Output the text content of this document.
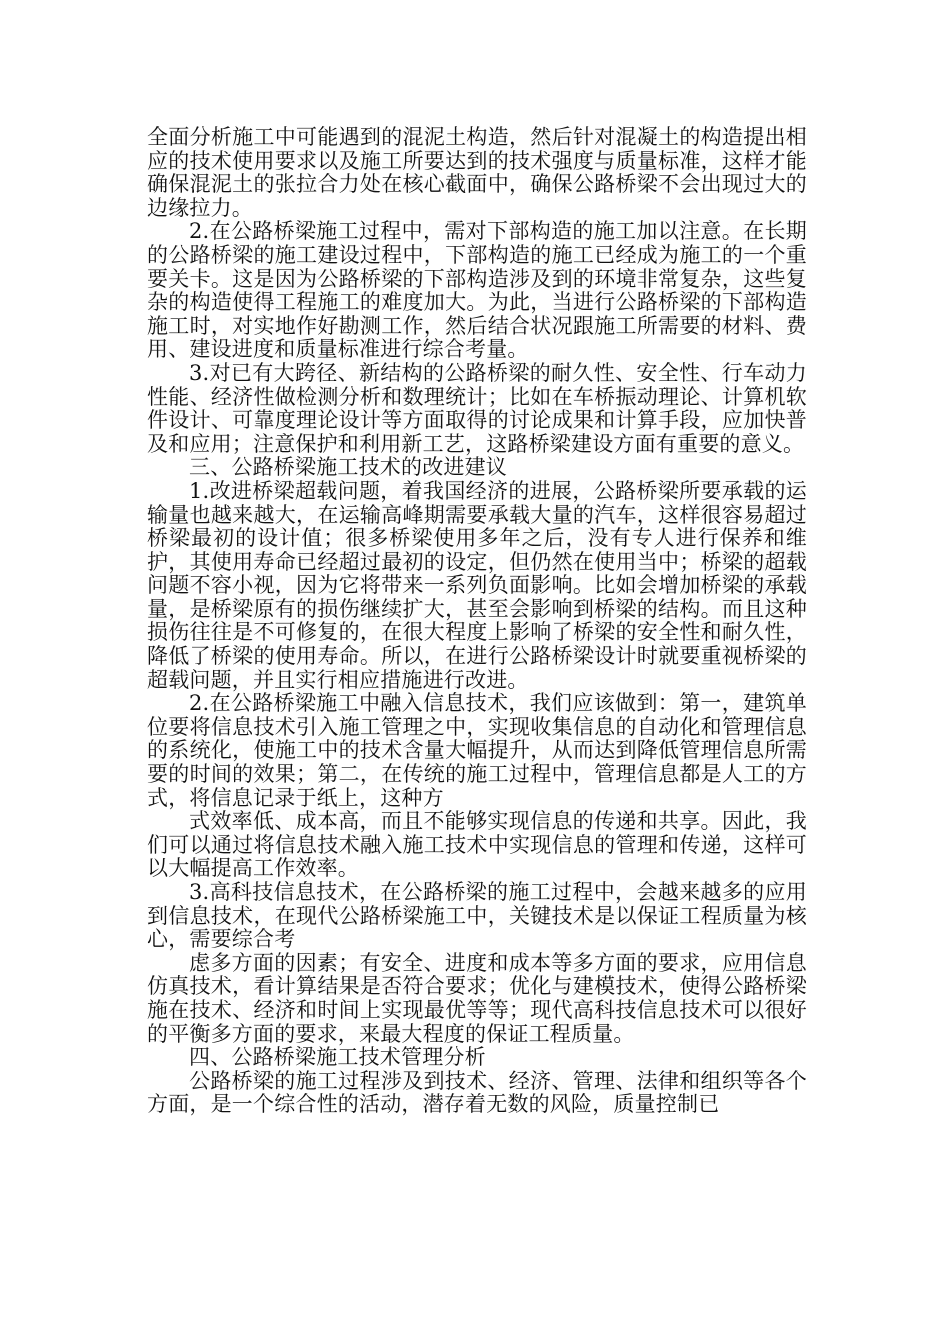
全面分析施工中可能遇到的混泥土构造，然后针对混凝土的构造提出相应的技术使用要求以及施工所要达到的技术强度与质量标准，这样才能确保混泥土的张拉合力处在核心截面中，确保公路桥梁不会出现过大的边缘拉力。

2.在公路桥梁施工过程中，需对下部构造的施工加以注意。在长期的公路桥梁的施工建设过程中，下部构造的施工已经成为施工的一个重要关卡。这是因为公路桥梁的下部构造涉及到的环境非常复杂，这些复杂的构造使得工程施工的难度加大。为此，当进行公路桥梁的下部构造施工时，对实地作好勘测工作，然后结合状况跟施工所需要的材料、费用、建设进度和质量标准进行综合考量。

3.对已有大跨径、新结构的公路桥梁的耐久性、安全性、行车动力性能、经济性做检测分析和数理统计；比如在车桥振动理论、计算机软件设计、可靠度理论设计等方面取得的讨论成果和计算手段，应加快普及和应用；注意保护和利用新工艺，这路桥梁建设方面有重要的意义。

三、公路桥梁施工技术的改进建议

1.改进桥梁超载问题，着我国经济的进展，公路桥梁所要承载的运输量也越来越大，在运输高峰期需要承载大量的汽车，这样很容易超过桥梁最初的设计值；很多桥梁使用多年之后，没有专人进行保养和维护，其使用寿命已经超过最初的设定，但仍然在使用当中；桥梁的超载问题不容小视，因为它将带来一系列负面影响。比如会增加桥梁的承载量，是桥梁原有的损伤继续扩大，甚至会影响到桥梁的结构。而且这种损伤往往是不可修复的，在很大程度上影响了桥梁的安全性和耐久性，降低了桥梁的使用寿命。所以，在进行公路桥梁设计时就要重视桥梁的超载问题，并且实行相应措施进行改进。

2.在公路桥梁施工中融入信息技术，我们应该做到：第一，建筑单位要将信息技术引入施工管理之中，实现收集信息的自动化和管理信息的系统化，使施工中的技术含量大幅提升，从而达到降低管理信息所需要的时间的效果；第二，在传统的施工过程中，管理信息都是人工的方式，将信息记录于纸上，这种方

式效率低、成本高，而且不能够实现信息的传递和共享。因此，我们可以通过将信息技术融入施工技术中实现信息的管理和传递，这样可以大幅提高工作效率。

3.高科技信息技术，在公路桥梁的施工过程中，会越来越多的应用到信息技术，在现代公路桥梁施工中，关键技术是以保证工程质量为核心，需要综合考

虑多方面的因素；有安全、进度和成本等多方面的要求，应用信息仿真技术，看计算结果是否符合要求；优化与建模技术，使得公路桥梁施在技术、经济和时间上实现最优等等；现代高科技信息技术可以很好的平衡多方面的要求，来最大程度的保证工程质量。

四、公路桥梁施工技术管理分析

公路桥梁的施工过程涉及到技术、经济、管理、法律和组织等各个方面，是一个综合性的活动，潜存着无数的风险，质量控制已
